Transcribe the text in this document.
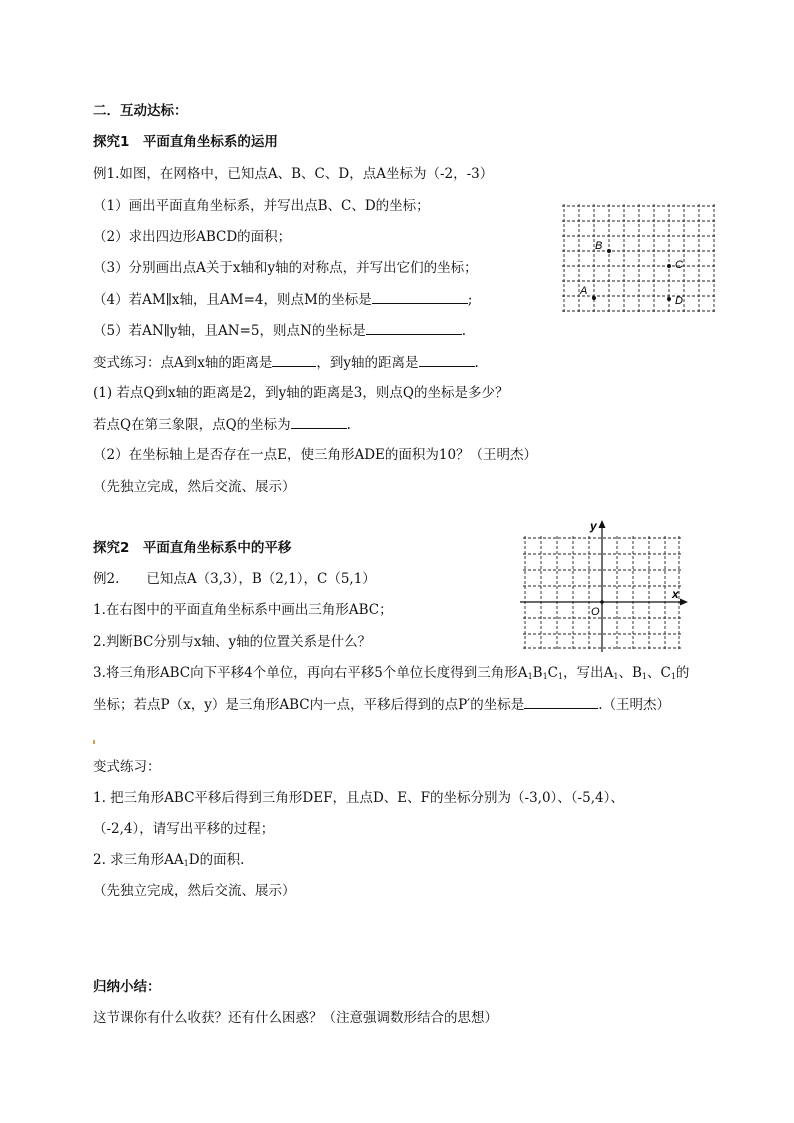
二．互动达标：
探究1　平面直角坐标系的运用
例1.如图，在网格中，已知点A、B、C、D，点A坐标为（-2，-3）
（1）画出平面直角坐标系，并写出点B、C、D的坐标；
（2）求出四边形ABCD的面积；
（3）分别画出点A关于x轴和y轴的对称点，并写出它们的坐标；
（4）若AM∥x轴，且AM=4，则点M的坐标是	;
（5）若AN∥y轴，且AN=5，则点N的坐标是	.
变式练习：点A到x轴的距离是	，到y轴的距离是	.
(1) 若点Q到x轴的距离是2，到y轴的距离是3，则点Q的坐标是多少？
若点Q在第三象限，点Q的坐标为	.
（2）在坐标轴上是否存在一点E，使三角形ADE的面积为10？（王明杰）
（先独立完成，然后交流、展示）
B
C
A
D
探究2　平面直角坐标系中的平移
例2.　　已知点A（3,3），B（2,1），C（5,1）
1.在右图中的平面直角坐标系中画出三角形ABC；
2.判断BC分别与x轴、y轴的位置关系是什么？
3.将三角形ABC向下平移4个单位，再向右平移5个单位长度得到三角形$A_1B_1C_1$，写出$A_1$、$B_1$、$C_1$的
坐标；若点P（x，y）是三角形ABC内一点，平移后得到的点P′的坐标是	.（王明杰）
变式练习：
1. 把三角形ABC平移后得到三角形DEF，且点D、E、F的坐标分别为（-3,0）、（-5,4）、
（-2,4），请写出平移的过程；
2. 求三角形$AA_1D$的面积.
（先独立完成，然后交流、展示）
y
x
O
归纳小结：
这节课你有什么收获？还有什么困惑？（注意强调数形结合的思想）
